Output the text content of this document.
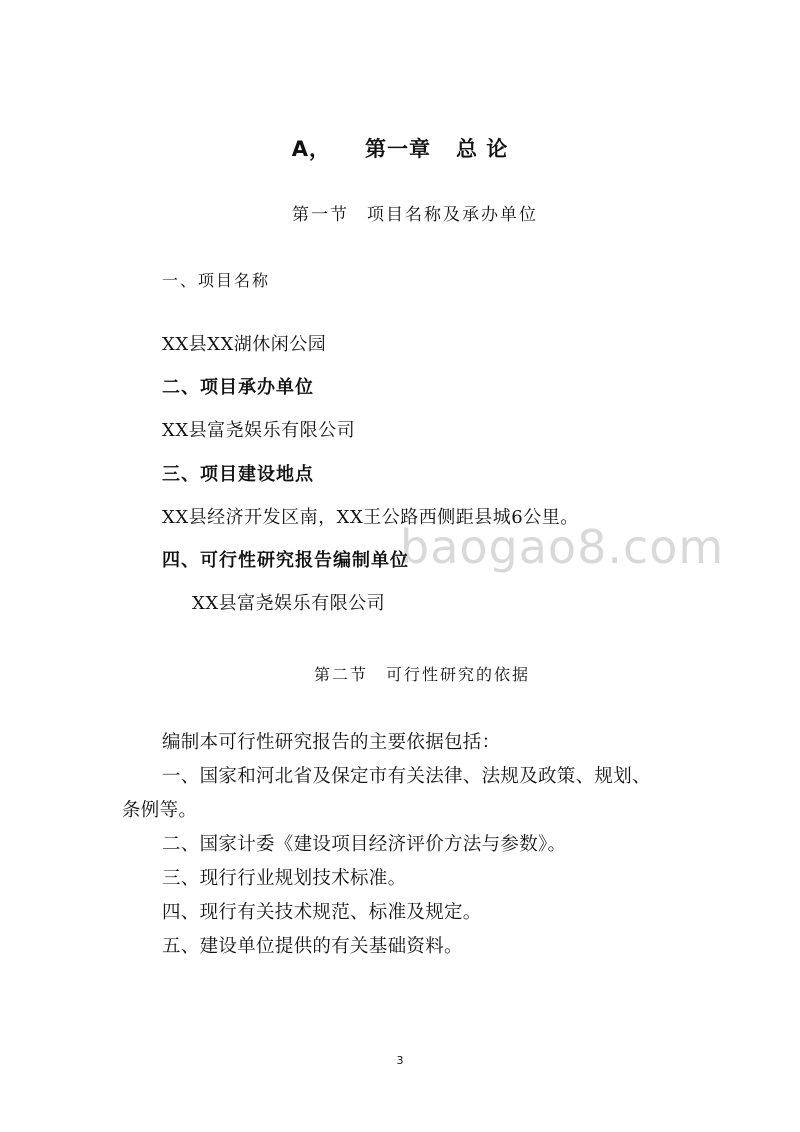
A， 第一章 总 论
第一节 项目名称及承办单位
一、项目名称
XX县XX湖休闲公园
二、项目承办单位
XX县富尧娱乐有限公司
三、项目建设地点
XX县经济开发区南，XX王公路西侧距县城6公里。
baogao8.com
四、可行性研究报告编制单位
XX县富尧娱乐有限公司
第二节 可行性研究的依据
编制本可行性研究报告的主要依据包括：
一、国家和河北省及保定市有关法律、法规及政策、规划、
条例等。
二、国家计委《建设项目经济评价方法与参数》。
三、现行行业规划技术标准。
四、现行有关技术规范、标准及规定。
五、建设单位提供的有关基础资料。
3
